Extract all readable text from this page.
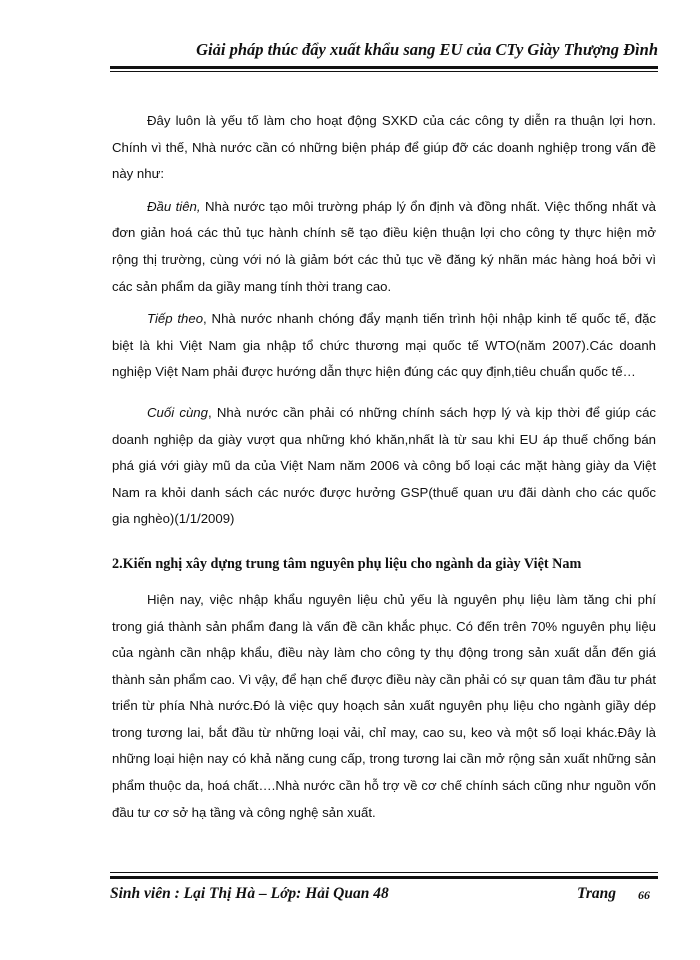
Giải pháp thúc đẩy xuất khẩu sang EU của CTy Giày Thượng Đình

Đây luôn là yếu tố làm cho hoạt động SXKD của các công ty diễn ra thuận lợi hơn. Chính vì thế, Nhà nước cần có những biện pháp để giúp đỡ các doanh nghiệp trong vấn đề này như:

Đầu tiên, Nhà nước tạo môi trường pháp lý ổn định và đồng nhất. Việc thống nhất và đơn giản hoá các thủ tục hành chính sẽ tạo điều kiện thuận lợi cho công ty thực hiện mở rộng thị trường, cùng với nó là giảm bớt các thủ tục về đăng ký nhãn mác hàng hoá bởi vì các sản phẩm da giầy mang tính thời trang cao.

Tiếp theo, Nhà nước nhanh chóng đẩy mạnh tiến trình hội nhập kinh tế quốc tế, đặc biệt là khi Việt Nam gia nhập tổ chức thương mại quốc tế WTO(năm 2007).Các doanh nghiệp Việt Nam phải được hướng dẫn thực hiện đúng các quy định,tiêu chuẩn quốc tế…

Cuối cùng, Nhà nước cần phải có những chính sách hợp lý và kịp thời để giúp các doanh nghiệp da giày vượt qua những khó khăn,nhất là từ sau khi EU áp thuế chống bán phá giá với giày mũ da của Việt Nam năm 2006 và công bố loại các mặt hàng giày da Việt Nam ra khỏi danh sách các nước được hưởng GSP(thuế quan ưu đãi dành cho các quốc gia nghèo)(1/1/2009)

2.Kiến nghị xây dựng trung tâm nguyên phụ liệu cho ngành da giày Việt Nam

Hiện nay, việc nhập khẩu nguyên liệu chủ yếu là nguyên phụ liệu làm tăng chi phí trong giá thành sản phẩm đang là vấn đề cần khắc phục. Có đến trên 70% nguyên phụ liệu của ngành cần nhập khẩu, điều này làm cho công ty thụ động trong sản xuất dẫn đến giá thành sản phẩm cao. Vì vậy, để hạn chế được điều này cần phải có sự quan tâm đầu tư phát triển từ phía Nhà nước.Đó là việc quy hoạch sản xuất nguyên phụ liệu cho ngành giầy dép trong tương lai, bắt đầu từ những loại vải, chỉ may, cao su, keo và một số loại khác.Đây là những loại hiện nay có khả năng cung cấp, trong tương lai cần mở rộng sản xuất những sản phẩm thuộc da, hoá chất….Nhà nước cần hỗ trợ về cơ chế chính sách cũng như nguồn vốn đầu tư cơ sở hạ tầng và công nghệ sản xuất.

Sinh viên : Lại Thị Hà – Lớp: Hải Quan 48	Trang 66
